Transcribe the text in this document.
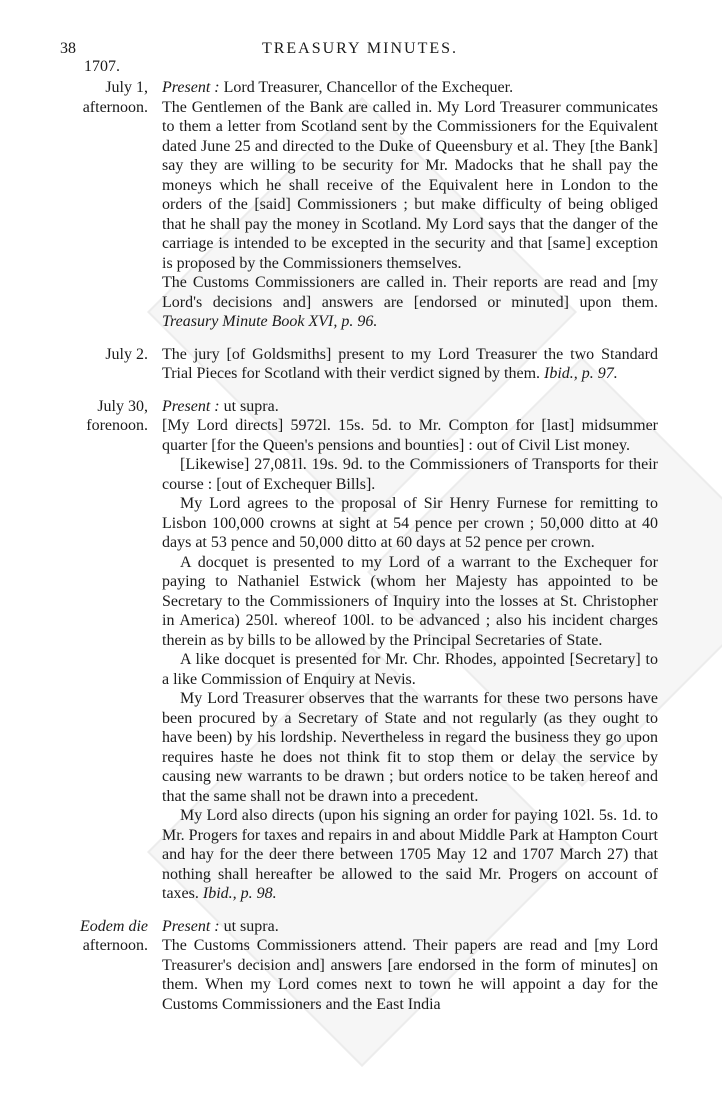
38	TREASURY MINUTES.
1707.
July 1,
afternoon.

Present : Lord Treasurer, Chancellor of the Exchequer.

The Gentlemen of the Bank are called in. My Lord Treasurer communicates to them a letter from Scotland sent by the Commissioners for the Equivalent dated June 25 and directed to the Duke of Queensbury et al. They [the Bank] say they are willing to be security for Mr. Madocks that he shall pay the moneys which he shall receive of the Equivalent here in London to the orders of the [said] Commissioners ; but make difficulty of being obliged that he shall pay the money in Scotland. My Lord says that the danger of the carriage is intended to be excepted in the security and that [same] exception is proposed by the Commissioners themselves.

The Customs Commissioners are called in. Their reports are read and [my Lord's decisions and] answers are [endorsed or minuted] upon them. Treasury Minute Book XVI, p. 96.

July 2. The jury [of Goldsmiths] present to my Lord Treasurer the two Standard Trial Pieces for Scotland with their verdict signed by them. Ibid., p. 97.

July 30,
forenoon.

Present : ut supra.

[My Lord directs] 5972l. 15s. 5d. to Mr. Compton for [last] midsummer quarter [for the Queen's pensions and bounties] : out of Civil List money.

[Likewise] 27,081l. 19s. 9d. to the Commissioners of Transports for their course : [out of Exchequer Bills].

My Lord agrees to the proposal of Sir Henry Furnese for remitting to Lisbon 100,000 crowns at sight at 54 pence per crown ; 50,000 ditto at 40 days at 53 pence and 50,000 ditto at 60 days at 52 pence per crown.

A docquet is presented to my Lord of a warrant to the Exchequer for paying to Nathaniel Estwick (whom her Majesty has appointed to be Secretary to the Commissioners of Inquiry into the losses at St. Christopher in America) 250l. whereof 100l. to be advanced ; also his incident charges therein as by bills to be allowed by the Principal Secretaries of State.

A like docquet is presented for Mr. Chr. Rhodes, appointed [Secretary] to a like Commission of Enquiry at Nevis.

My Lord Treasurer observes that the warrants for these two persons have been procured by a Secretary of State and not regularly (as they ought to have been) by his lordship. Nevertheless in regard the business they go upon requires haste he does not think fit to stop them or delay the service by causing new warrants to be drawn ; but orders notice to be taken hereof and that the same shall not be drawn into a precedent.

My Lord also directs (upon his signing an order for paying 102l. 5s. 1d. to Mr. Progers for taxes and repairs in and about Middle Park at Hampton Court and hay for the deer there between 1705 May 12 and 1707 March 27) that nothing shall hereafter be allowed to the said Mr. Progers on account of taxes. Ibid., p. 98.

Eodem die
afternoon.

Present : ut supra.

The Customs Commissioners attend. Their papers are read and [my Lord Treasurer's decision and] answers [are endorsed in the form of minutes] on them. When my Lord comes next to town he will appoint a day for the Customs Commissioners and the East India
